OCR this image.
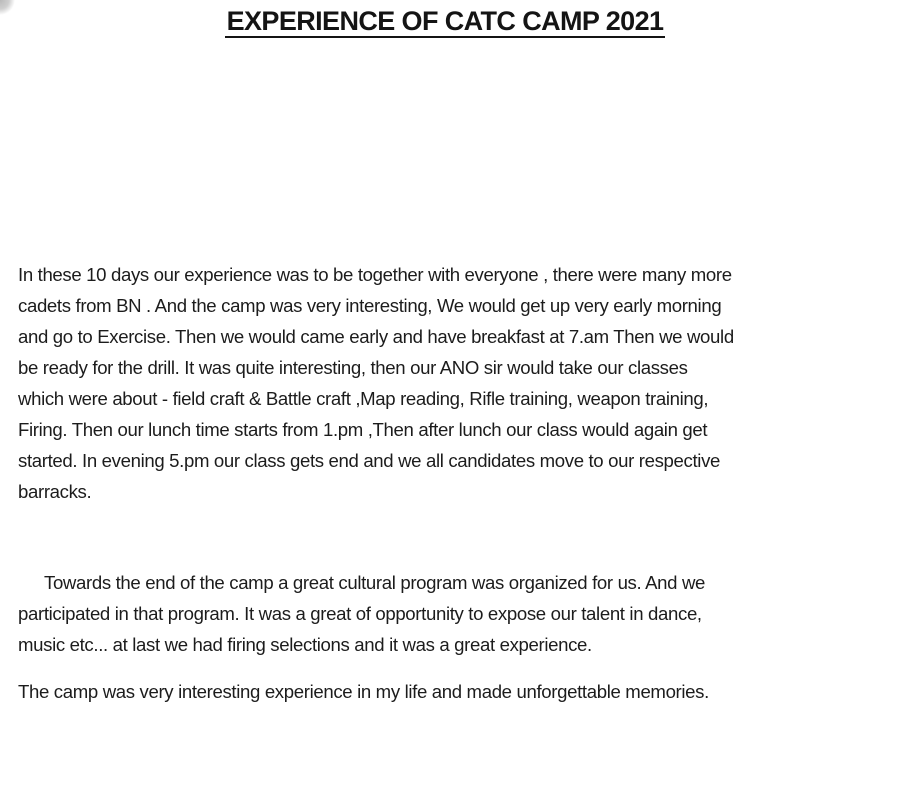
EXPERIENCE OF CATC CAMP 2021

In these 10 days our experience was to be together with everyone , there were many more
cadets from BN . And the camp was very interesting, We would get up very early morning
and go to Exercise. Then we would came early and have breakfast at 7.am Then we would
be ready for the drill. It was quite interesting, then our ANO sir would take our classes
which were about - field craft & Battle craft ,Map reading, Rifle training, weapon training,
Firing. Then our lunch time starts from 1.pm ,Then after lunch our class would again get
started. In evening 5.pm our class gets end and we all candidates move to our respective
barracks.

Towards the end of the camp a great cultural program was organized for us. And we
participated in that program. It was a great of opportunity to expose our talent in dance,
music etc... at last we had firing selections and it was a great experience.

The camp was very interesting experience in my life and made unforgettable memories.
